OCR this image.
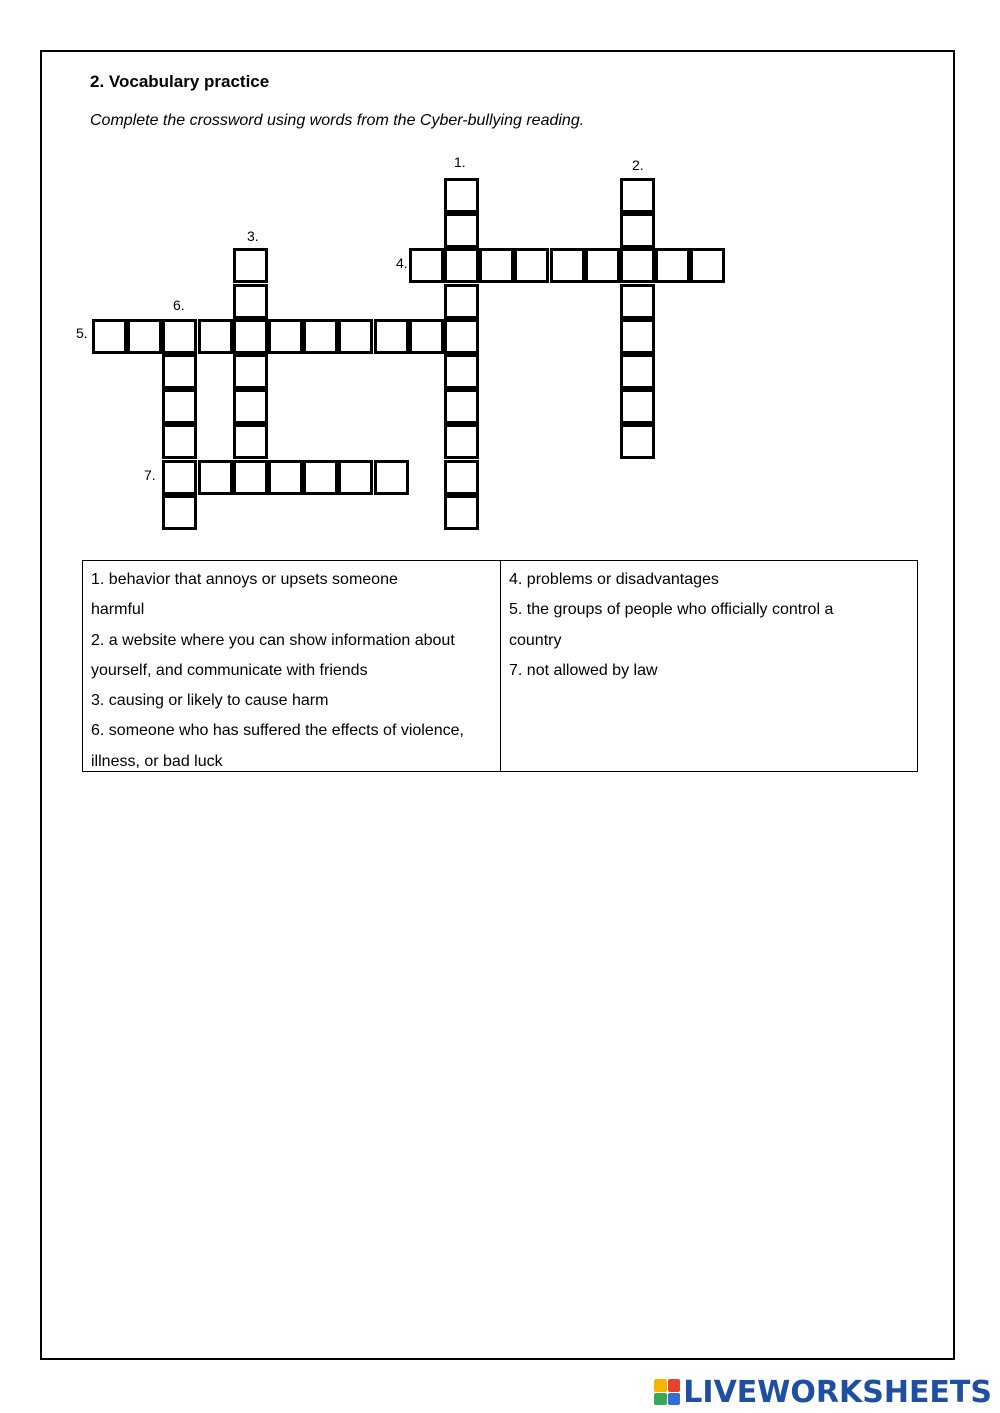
2. Vocabulary practice
Complete the crossword using words from the Cyber-bullying reading.
1.	2.
3.
4.
5.
6.
7.
1. behavior that annoys or upsets someone
harmful
2. a website where you can show information about
yourself, and communicate with friends
3. causing or likely to cause harm
6. someone who has suffered the effects of violence,
illness, or bad luck
4. problems or disadvantages
5. the groups of people who officially control a
country
7. not allowed by law
LIVEWORKSHEETS
